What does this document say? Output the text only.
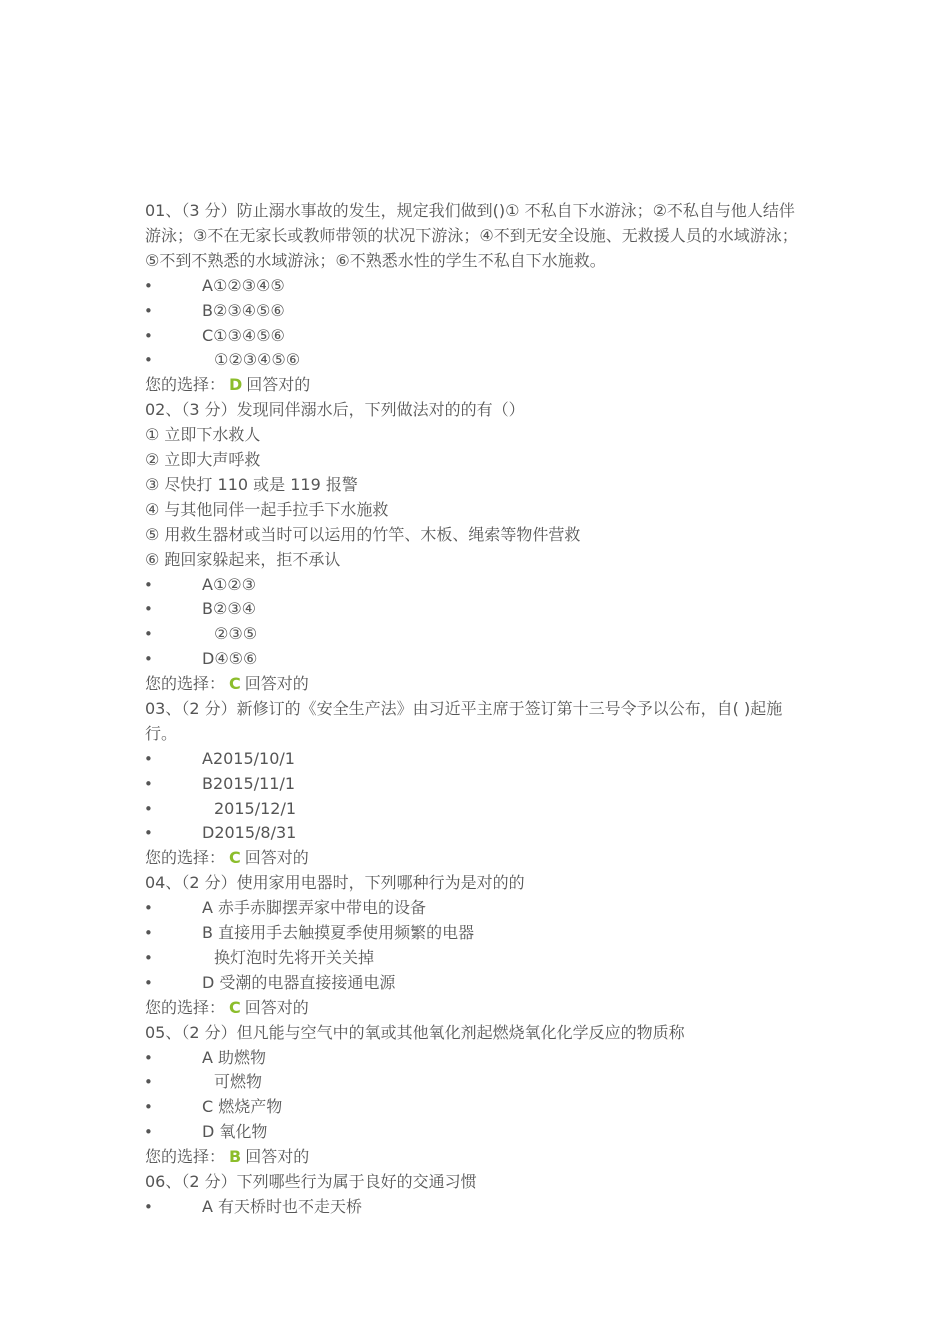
01、（3 分）防止溺水事故的发生，规定我们做到()① 不私自下水游泳；②不私自与他人结伴游泳；③不在无家长或教师带领的状况下游泳；④不到无安全设施、无救援人员的水域游泳；⑤不到不熟悉的水域游泳；⑥不熟悉水性的学生不私自下水施救。
•	A①②③④⑤
•	B②③④⑤⑥
•	C①③④⑤⑥
•	①②③④⑤⑥
您的选择： D 回答对的
02、（3 分）发现同伴溺水后，下列做法对的的有（）
① 立即下水救人
② 立即大声呼救
③ 尽快打 110 或是 119 报警
④ 与其他同伴一起手拉手下水施救
⑤ 用救生器材或当时可以运用的竹竿、木板、绳索等物件营救
⑥ 跑回家躲起来，拒不承认
•	A①②③
•	B②③④
•	②③⑤
•	D④⑤⑥
您的选择： C 回答对的
03、（2 分）新修订的《安全生产法》由习近平主席于签订第十三号令予以公布，自( )起施行。
•	A2015/10/1
•	B2015/11/1
•	2015/12/1
•	D2015/8/31
您的选择： C 回答对的
04、（2 分）使用家用电器时，下列哪种行为是对的的
•	A 赤手赤脚摆弄家中带电的设备
•	B 直接用手去触摸夏季使用频繁的电器
•	换灯泡时先将开关关掉
•	D 受潮的电器直接接通电源
您的选择： C 回答对的
05、（2 分）但凡能与空气中的氧或其他氧化剂起燃烧氧化化学反应的物质称
•	A 助燃物
•	可燃物
•	C 燃烧产物
•	D 氧化物
您的选择： B 回答对的
06、（2 分）下列哪些行为属于良好的交通习惯
•	A 有天桥时也不走天桥
